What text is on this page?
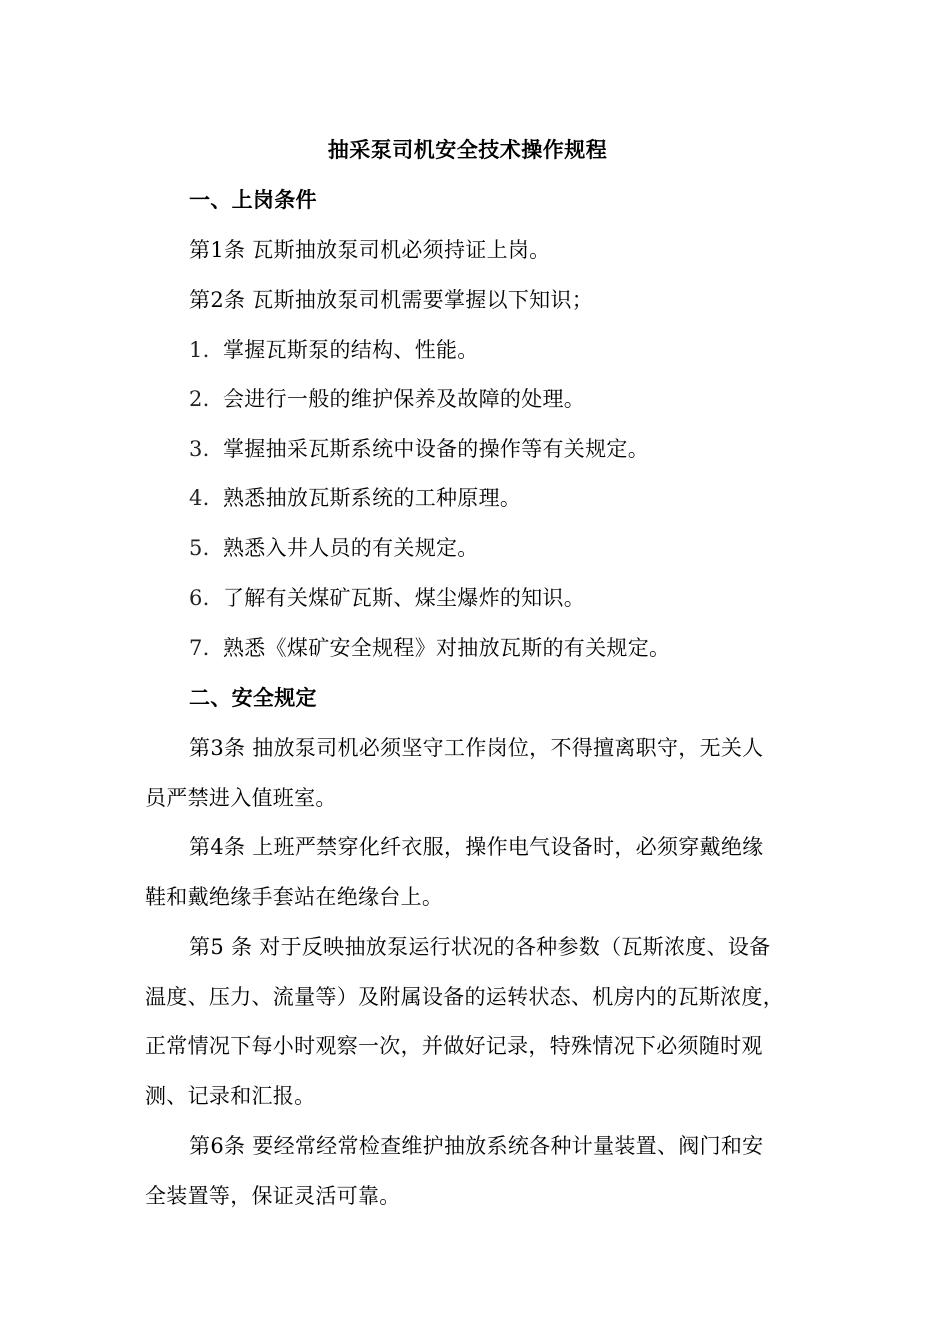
抽采泵司机安全技术操作规程
一、上岗条件
第1条 瓦斯抽放泵司机必须持证上岗。
第2条 瓦斯抽放泵司机需要掌握以下知识；
1. 掌握瓦斯泵的结构、性能。
2. 会进行一般的维护保养及故障的处理。
3. 掌握抽采瓦斯系统中设备的操作等有关规定。
4. 熟悉抽放瓦斯系统的工种原理。
5. 熟悉入井人员的有关规定。
6. 了解有关煤矿瓦斯、煤尘爆炸的知识。
7. 熟悉《煤矿安全规程》对抽放瓦斯的有关规定。
二、安全规定
第3条 抽放泵司机必须坚守工作岗位，不得擅离职守，无关人
员严禁进入值班室。
第4条 上班严禁穿化纤衣服，操作电气设备时，必须穿戴绝缘
鞋和戴绝缘手套站在绝缘台上。
第5 条 对于反映抽放泵运行状况的各种参数（瓦斯浓度、设备
温度、压力、流量等）及附属设备的运转状态、机房内的瓦斯浓度，
正常情况下每小时观察一次，并做好记录，特殊情况下必须随时观
测、记录和汇报。
第6条 要经常经常检查维护抽放系统各种计量装置、阀门和安
全装置等，保证灵活可靠。
